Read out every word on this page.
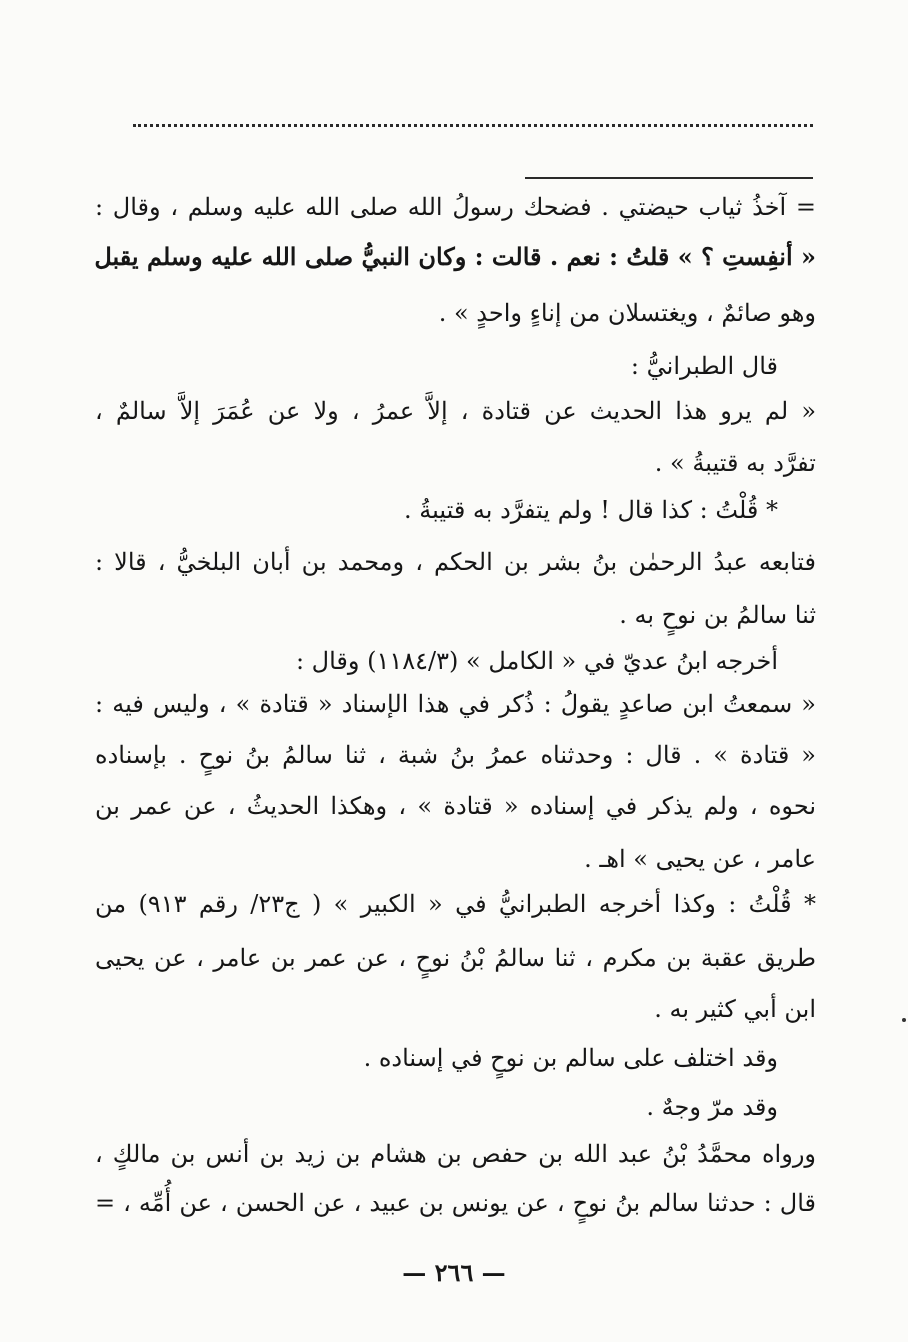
= آخذُ ثياب حيضتي . فضحك رسولُ الله صلى الله عليه وسلم ، وقال :
« أنفِستِ ؟ » قلتُ : نعم . قالت : وكان النبيُّ صلى الله عليه وسلم يقبل
وهو صائمٌ ، ويغتسلان من إناءٍ واحدٍ » .
قال الطبرانيُّ :
« لم يرو هذا الحديث عن قتادة ، إلاَّ عمرُ ، ولا عن عُمَرَ إلاَّ سالمٌ ،
تفرَّد به قتيبةُ » .
* قُلْتُ : كذا قال ! ولم يتفرَّد به قتيبةُ .
فتابعه عبدُ الرحمٰن بنُ بشر بن الحكم ، ومحمد بن أبان البلخيُّ ، قالا :
ثنا سالمُ بن نوحٍ به .
أخرجه ابنُ عديّ في « الكامل » (١١٨٤/٣) وقال :
« سمعتُ ابن صاعدٍ يقولُ : ذُكر في هذا الإسناد « قتادة » ، وليس فيه :
« قتادة » . قال : وحدثناه عمرُ بنُ شبة ، ثنا سالمُ بنُ نوحٍ . بإسناده
نحوه ، ولم يذكر في إسناده « قتادة » ، وهكذا الحديثُ ، عن عمر بن
عامر ، عن يحيى » اهـ .
* قُلْتُ : وكذا أخرجه الطبرانيُّ في « الكبير » ( ج٢٣/ رقم ٩١٣) من
طريق عقبة بن مكرم ، ثنا سالمُ بْنُ نوحٍ ، عن عمر بن عامر ، عن يحيى
ابن أبي كثير به .
وقد اختلف على سالم بن نوحٍ في إسناده .
وقد مرّ وجهٌ .
ورواه محمَّدُ بْنُ عبد الله بن حفص بن هشام بن زيد بن أنس بن مالكٍ ،
قال : حدثنا سالم بنُ نوحٍ ، عن يونس بن عبيد ، عن الحسن ، عن أُمِّه ، =
— ٢٦٦ —
